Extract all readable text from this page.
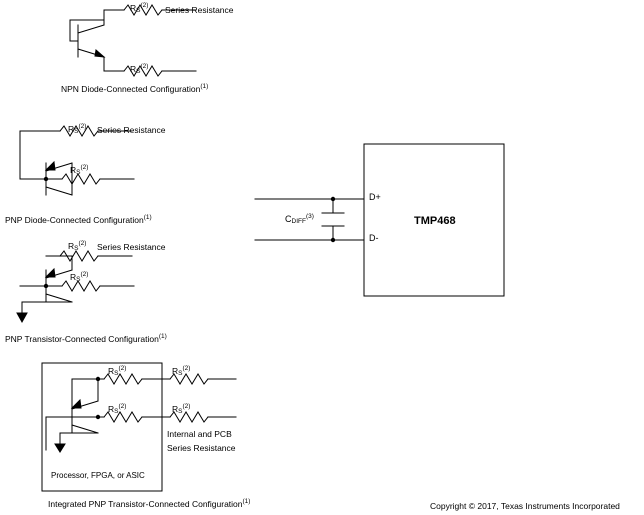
RS$^{(2)}$ Series Resistance
RS$^{(2)}$
NPN Diode-Connected Configuration$^{(1)}$
RS$^{(2)}$ Series Resistance
RS$^{(2)}$
PNP Diode-Connected Configuration$^{(1)}$
RS$^{(2)}$ Series Resistance
RS$^{(2)}$
PNP Transistor-Connected Configuration$^{(1)}$
RS$^{(2)}$	RS$^{(2)}$
RS$^{(2)}$	RS$^{(2)}$
Internal and PCB
Series Resistance
Processor, FPGA, or ASIC
Integrated PNP Transistor-Connected Configuration$^{(1)}$
TMP468
D+
D-
CDIFF$^{(3)}$
Copyright © 2017, Texas Instruments Incorporated
